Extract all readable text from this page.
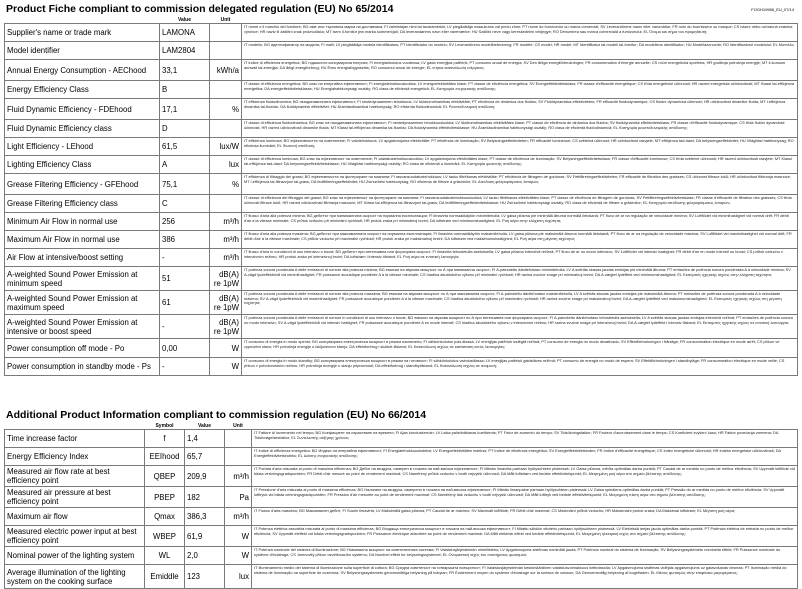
Product Fiche compliant to commission delegated regulation (EU) No 65/2014	FOGH10986_EU_07/14
	Value	Unit	
Supplier's name or trade mark	LAMONA		IT nome o il marchio del fornitore; BG име или търговска марка на доставчика; FI valmistajan nimi tai tavaramerkki; LV piegādātāja nosaukums vai preču zīme; PT nome do fornecedor ou marca comercial; SV Leverantörens namn eller varumärke; FR nom du fournisseur ou marque; CS název nebo ochranná známka výrobce; HR naziv ili zaštitni znak proizvođača; MT isem il-fornitur jew marka kummerċjali; DA leverandørens navn eller varemærke; HU Szállító neve vagy kereskedelmi védjegye; RO Denumirea sau marca comercială a furnizorului; EL Όνομα και σήμα του προμηθευτή;

Model identifier	LAM2804		IT modello; BG идентификатор на модела; FI malli; LV piegādātāja modeļa identifikators; PT identificador do modelo; SV Leverantörens modellbeteckning; FR modèle; CS model; HR model; MT Identifikatur tal-mudell tal-fornitur; DA modellens identifikator; HU Modellazonosító; RO Identificatorul modelului; EL Μοντέλο;

Annual Energy Consumption - AEChood	33,1	kWh/a	IT indice di efficienza energetica; BG годишното консумирана енергия; FI energiankulutus vuodessa; LV gada enerģijas patēriņš; PT consumo anual de energia; SV Den årliga energiförbrukningen; FR consommation d'énergie annuelle; CS roční energetická spotřeba; HR godišnja potrošnja energije; MT il-konsum annwali tal-enerġija; DA årligt energiforbrug; HU Éves energiafogyasztás; RO consumul anual de energie; EL ετήσια κατανάλωση ενέργειας;

Energy Efficiency Class	B		IT classe di efficienza energetica; BG клас на енергийна ефективност; FI energiatehokkuusluokka; LV energoefektivitātes klase; PT classe de eficiência energética; SV Energieffektivitetsklass; FR classe d'efficacité énergétique; CS třída energetické účinnosti; HR razred energetske učinkovitosti; MT Klassi tal-effiċjenza enerġetika; DA energieffektivitetsklasse; HU Energiahatékonysági osztály; RO clasa de eficiență energetică; EL Κατηγορία ενεργειακής απόδοσης;

Fluid Dynamic Efficiency - FDEhood	17,1	%	IT efficienza fluidodinamica; BG газодинамичната ефективност; FI nestedynaaminen tehokkuus; LV šķidrumdinamikas efektivitāte; PT eficiência de dinâmica dos fluidos; SV Fluiddynamiska effektiviteten; FR efficacité fluidodynamique; CS fluidní dynamická účinnost; HR učinkovitost dinamike fluida; MT l-effiċjenza dinamika tal-fluwidu; DA fluiddynamisk effektivitet; HU Áramlásdinamikai hatékonyság; RO eficiența fluidodinamică; EL Ρευστοδυναμική απόδοση;

Fluid Dynamic Efficiency class	D		IT classe di efficienza fluidodinamica; BG клас на газодинамичната ефективност; FI nestedynaaminen tehokkuusluokka; LV šķidrumdinamikas efektivitātes klase; PT classe de eficiência de dinâmica dos fluidos; SV fluiddynamisk effektivitetsklass; FR classe d'efficacité fluidodynamique; CS třída fluidní dynamické účinnosti; HR razred učinkovitosti dinamike fluida; MT Klassi tal-effiċjenza dinamika tal-fluwidu; DA fluiddynamisk effektivitetsklasse; HU Áramlásdinamikai hatékonysági osztály; RO clasa de eficiență fluidodinamică; EL Κατηγορία ρευστοδυναμικής απόδοσης;

Light Efficiency - LEhood	61,5	lux/W	IT efficienza luminosa; BG ефективността на осветление; FI valotehokkuus; LV apgaismojuma efektivitāte; PT eficiência de iluminação; SV Belysningseffektiviteten; FR efficacité lumineuse; CS světelná účinnost; HR učinkovitost rasvjete; MT effiċjenza tad-dawl; DA belysningseffektivitet; HU Világítási hatékonyság; RO eficiența iluminării; EL Φωτεινή απόδοση;

Lighting Efficiency Class	A	lux	IT classe di efficienza luminosa; BG клас на ефективност на осветление; FI valaistustehokkuusluokka; LV apgaismojuma efektivitātes klase; PT classe de eficiência de iluminação; SV Belysningseffektivitetsklass; FR classe d'efficacité lumineuse; CS třída světelné účinnosti; HR razred učinkovitosti rasvjete; MT Klassi tal-effiċjenza tad-dawl; DA belysningseffektivitetsklasse; HU Világítási hatékonysági osztály; RO clasa de eficiență a iluminării; EL Κατηγορία φωτεινής απόδοσης;

Grease Filtering Efficiency - GFEhood	75,1	%	IT efficienza di filtraggio dei grassi; BG ефективността на филтриране на мазнини; FI rasvansuodatustehokkuus; LV tauku filtrēšanas efektivitāte; PT eficiência de filtragem de gorduras; SV Fettfiltreringseffektiviteten; FR efficacité de filtration des graisses; CS účinnost filtrace tuků; HR učinkovitost filtriranja masnoće; MT l-effiċjenza tal-filtrazzjoni tal-grass; DA fedtfiltreringseffektivitet; HU Zsírszűrési hatékonyság; RO eficiența de filtrare a grăsimilor; EL Απόδοση φιλτραρίσματος λιπαρών;

Grease Filtering Efficiency class	C		IT classe di efficienza del filtraggio dei grassi; BG клас на ефективност на филтриране на мазнини; FI rasvansuodatustehokkuusluokka; LV tauku filtrēšanas efektivitātes klase; PT classe de eficiência de filtragem de gorduras; SV Fettfiltreringseffektivitetsklass; FR classe d'efficacité de filtration des graisses; CS třída účinnosti filtrace tuků; HR razred učinkovitosti filtriranja masnoće; MT Klassi tal-effiċjenza tal-filtrazzjoni tal-grass; DA fedtfiltreringseffektivitetsklasse; HU Zsírszűrési hatékonysági osztály; RO clasa de eficiență de filtrare a grăsimilor; EL Κατηγορία απόδοσης φιλτραρίσματος λιπαρών;

Minimum Air Flow in normal use	256	m³/h	IT flusso d'aria alla potenza minima; BG дебитът при минималната скорост на нормална експлоатация; FI ilmavirta normaalikäytön minimiteholla; LV gaisa plūsma pie minimālā ātruma normālā lietošanā; PT fluxo de ar na regulação de velocidade mínima; SV Luftflödet vid minimihastighet vid normal drift; FR débit d'air à la vitesse minimale; CS průtok vzduchu při minimální rychlosti; HR protok zraka pri minimalnoj brzini; DA luftstrøm ved minimumshastighed; EL Ροή αέρα στην ελάχιστη ταχύτητα;

Maximum Air Flow in normal use	386	m³/h	IT flusso d'aria alla potenza massima; BG дебитът при максималната скорост на нормална експлоатация; FI ilmavirta normaalikäytön maksimiteholla; LV gaisa plūsma pie maksimālā ātruma normālā lietošanā; PT fluxo de ar na regulação de velocidade máxima; SV Luftflödet vid maximihastighet vid normal drift; FR débit d'air à la vitesse maximale; CS průtok vzduchu při maximální rychlosti; HR protok zraka pri maksimalnoj brzini; DA luftstrøm ved maksimumshastighed; EL Ροή αέρα στη μέγιστη ταχύτητα;

Air Flow at intensive/boost setting	-	m³/h	IT flusso d'aria in condizioni di uso intensivo o boost; BG дебитът при интензивна или форсирана скорост; FI ilmavirta tehostetulla asetuksella; LV gaisa plūsma intensīvā režīmā; PT fluxo de ar no modo intensivo; SV Luftflödet vid intensiv hastighet; FR débit d'air en mode intensif ou boost; CS průtok vzduchu v intenzivním režimu; HR protok zraka pri intenzivnoj brzini; DA luftstrøm i intensiv tilstand; EL Ροή αέρα σε εντατική λειτουργία;

A-weighted Sound Power Emission at minimum speed	51	dB(A) re 1pW	IT potenza sonora ponderata A delle emissioni di rumore alla potenza minima; BG емисии на звукова мощност по А при минимална скорост; FI A-painotettu äänitehotaso minimiteholla; LV A svērtās skaņas jaudas emisijas pie minimālā ātruma; PT emissões de potência sonora ponderada A à velocidade mínima; SV A-vägd ljudeffektnivå vid minimihastighet; FR puissance acoustique pondérée A à la vitesse minimale; CS hladina akustického výkonu při minimální rychlosti; HR razina zvučne snage pri minimalnoj brzini; DA A-vægtet lydeffekt ved minimumshastighed; EL Εκπομπές ηχητικής ισχύος στην ελάχιστη ταχύτητα;

A-weighted Sound Power Emission at maximum speed	61	dB(A) re 1pW	IT potenza sonora ponderata A delle emissioni di rumore alla potenza massima; BG емисии на звукова мощност по А при максимална скорост; FI A-painotettu äänitehotaso maksimiteholla; LV A svērtās skaņas jaudas emisijas pie maksimālā ātruma; PT emissões de potência sonora ponderada A à velocidade máxima; SV A-vägd ljudeffektnivå vid maximihastighet; FR puissance acoustique pondérée A à la vitesse maximale; CS hladina akustického výkonu při maximální rychlosti; HR razina zvučne snage pri maksimalnoj brzini; DA A-vægtet lydeffekt ved maksimumshastighed; EL Εκπομπές ηχητικής ισχύος στη μέγιστη ταχύτητα;

A-weighted Sound Power Emission at intensive or boost speed	-	dB(A) re 1pW	IT potenza sonora ponderata A delle emissioni di rumore in condizioni di uso intensivo o boost; BG емисии на звукова мощност по А при интензивна или форсирана скорост; FI A-painotettu äänitehotaso tehostetulla asetuksella; LV A svērtās skaņas jaudas emisijas intensīvā režīmā; PT emissões de potência sonora no modo intensivo; SV A-vägd ljudeffektnivå vid intensiv hastighet; FR puissance acoustique pondérée A en mode intensif; CS hladina akustického výkonu v intenzivním režimu; HR razina zvučne snage pri intenzivnoj brzini; DA A-vægtet lydeffekt i intensiv tilstand; EL Εκπομπές ηχητικής ισχύος σε εντατική λειτουργία;

Power consumption off mode - Po	0,00	W	IT consumo di energia in modo spento; BG консумирана електрическа мощност в режим изключено; FI sähkönkulutus pois-tilassa; LV enerģijas patēriņš izslēgtā režīmā; PT consumo de energia no modo desativado; SV Effektförbrukningen i frånläge; FR consommation électrique en mode arrêt; CS příkon ve vypnutém stavu; HR potrošnja energije u isključenom stanju; DA effektforbrug i slukket tilstand; EL Κατανάλωση ισχύος σε κατάσταση εκτός λειτουργίας;

Power consumption in standby mode - Ps	-	W	IT consumo di energia in modo standby; BG консумирана електрическа мощност в режим на готовност; FI sähkönkulutus valmiustilassa; LV enerģijas patēriņš gaidstāves režīmā; PT consumo de energia no modo de espera; SV Effektförbrukningen i standbyläge; FR consommation électrique en mode veille; CS příkon v pohotovostním režimu; HR potrošnja energije u stanju pripravnosti; DA effektforbrug i standbytilstand; EL Κατανάλωση ισχύος σε αναμονή;
Additional Product Information compliant to commission regulation (EU) No 66/2014
	Symbol	Value	Unit	
Time increase factor	f	1,4		IT Fattore di incremento nel tempo; BG Коефициент на нарастване на времето; FI Ajan korotuskerroin; LV Laika palielināšanas koeficients; PT Fator de aumento do tempo; SV Tidsökningsfaktor; FR Facteur d'accroissement dans le temps; CS Koeficient zvýšení času; HR Faktor povećanja vremena; DA Tidsforøgelsesfaktor; EL Συντελεστής αύξησης χρόνου;

Energy Efficiency Index	EEIhood	65,7		IT Indice di efficienza energetica; BG Индекс на енергийна ефективност; FI Energiatehokkuusindeksi; LV Energoefektivitātes indekss; PT Índice de eficiência energética; SV Energieffektivitetsindex; FR Indice d'efficacité énergétique; CS Index energetické účinnosti; HR Indeks energetske učinkovitosti; DA Energieffektivitetsindeks; EL Δείκτης ενεργειακής απόδοσης;

Measured air flow rate at best efficiency point	QBEP	209,9	m³/h	IT Portata d'aria misurata al punto di massima efficienza; BG Дебит на въздуха, измерен в точката на най-висока ефективност; FI Mitattu ilmavirta parhaan hyötysuhteen pisteessä; LV Gaisa plūsma, mērīta optimālas darba punktā; PT Caudal de ar medido no ponto de melhor eficiência; SV Uppmätt luftflöde vid bästa verkningsgradspunkten; FR Débit d'air mesuré au point de rendement maximal; CS Naměřený průtok vzduchu v bodě nejvyšší účinnosti; DA Målt luftstrøm ved bedste effektivitetspunkt; EL Μετρημένη ροή αέρα στο σημείο βέλτιστης απόδοσης;

Measured air pressure at best efficiency point	PBEP	182	Pa	IT Pressione d'aria misurata al punto di massima efficienza; BG Налягане на въздуха, измерено в точката на най-висока ефективност; FI Mitattu ilmanpaine parhaan hyötysuhteen pisteessä; LV Gaisa spiediens optimālas darba punktā; PT Pressão do ar medida no ponto de melhor eficiência; SV Uppmätt lufttryck vid bästa verkningsgradspunkten; FR Pression d'air mesurée au point de rendement maximal; CS Naměřený tlak vzduchu v bodě nejvyšší účinnosti; DA Målt lufttryk ved bedste effektivitetspunkt; EL Μετρημένη πίεση αέρα στο σημείο βέλτιστης απόδοσης;

Maximum air flow	Qmax	386,3	m³/h	IT Flusso d'aria massimo; BG Максимален дебит; FI Suurin ilmavirta; LV Maksimālā gaisa plūsma; PT Caudal de ar máximo; SV Maximalt luftflöde; FR Débit d'air maximal; CS Maximální průtok vzduchu; HR Maksimalni protok zraka; DA Maksimal luftstrøm; EL Μέγιστη ροή αέρα;

Measured electric power input at best efficiency point	WBEP	61,9	W	IT Potenza elettrica assorbita misurata al punto di massima efficienza; BG Входяща електрическа мощност в точката на най-висока ефективност; FI Mitattu sähkön ottoteho parhaan hyötysuhteen pisteessä; LV Elektriskā ieejas jauda optimālas darba punktā; PT Potência elétrica de entrada no ponto de melhor eficiência; SV Uppmätt eleffekt vid bästa verkningsgradspunkten; FR Puissance électrique absorbée au point de rendement maximal; DA Målt elektrisk effekt ved bedste effektivitetspunkt; EL Μετρημένη ηλεκτρική ισχύς στο σημείο βέλτιστης απόδοσης;

Nominal power of the lighting system	WL	2,0	W	IT Potenza nominale del sistema di illuminazione; BG Номинална мощност на осветителната система; FI Valaistusjärjestelmän nimellisteho; LV Apgaismojuma sistēmas nominālā jauda; PT Potência nominal do sistema de iluminação; SV Belysningssystemets nominella effekt; FR Puissance nominale du système d'éclairage; CS Jmenovitý příkon osvětlovacího systému; DA Nominel effekt for belysningssystemet; EL Ονομαστική ισχύς του συστήματος φωτισμού;

Average illumination of the lighting system on the cooking surface	Emiddle	123	lux	IT Illuminamento medio del sistema di illuminazione sulla superficie di cottura; BG Средна осветеност на готварската повърхност; FI Valaistusjärjestelmän keskimääräinen valaistusvoimakkuus keittotasolla; LV Apgaismojuma sistēmas vidējais apgaismojums uz gatavošanas virsmas; PT Iluminação média do sistema de iluminação na superfície de cozedura; SV Belysningssystemets genomsnittliga belysning på kokytan; FR Éclairement moyen du système d'éclairage sur la surface de cuisson; DA Gennemsnitlig belysning af kogefladen; EL Μέσος φωτισμός στην επιφάνεια μαγειρέματος;
